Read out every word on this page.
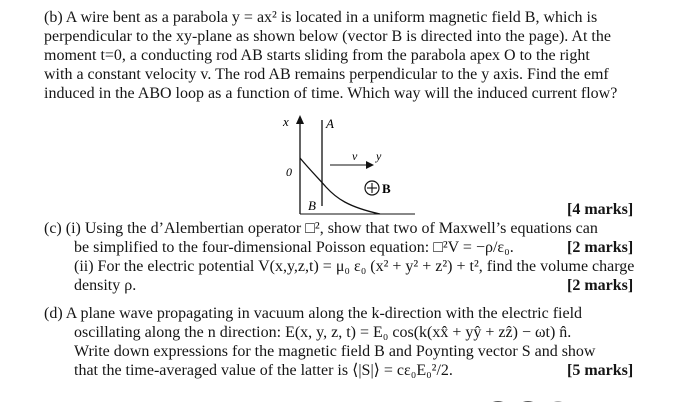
(b) A wire bent as a parabola y = ax² is located in a uniform magnetic field B, which is
perpendicular to the xy-plane as shown below (vector B is directed into the page). At the
moment t=0, a conducting rod AB starts sliding from the parabola apex O to the right
with a constant velocity v. The rod AB remains perpendicular to the y axis. Find the emf
induced in the ABO loop as a function of time. Which way will the induced current flow?
x	A
v y
0
B
B	[4 marks]
(c) (i) Using the d’Alembertian operator □², show that two of Maxwell’s equations can
be simplified to the four-dimensional Poisson equation: □²V = −ρ/ε₀.	[2 marks]
(ii) For the electric potential V(x,y,z,t) = μ₀ ε₀ (x² + y² + z²) + t², find the volume charge
density ρ.	[2 marks]
(d) A plane wave propagating in vacuum along the k-direction with the electric field
oscillating along the n direction: E(x, y, z, t) = E₀ cos(k(xx̂ + yŷ + zẑ) − ωt) n̂.
Write down expressions for the magnetic field B and Poynting vector S and show
that the time-averaged value of the latter is ⟨|S|⟩ = cε₀E₀²/2.	[5 marks]
